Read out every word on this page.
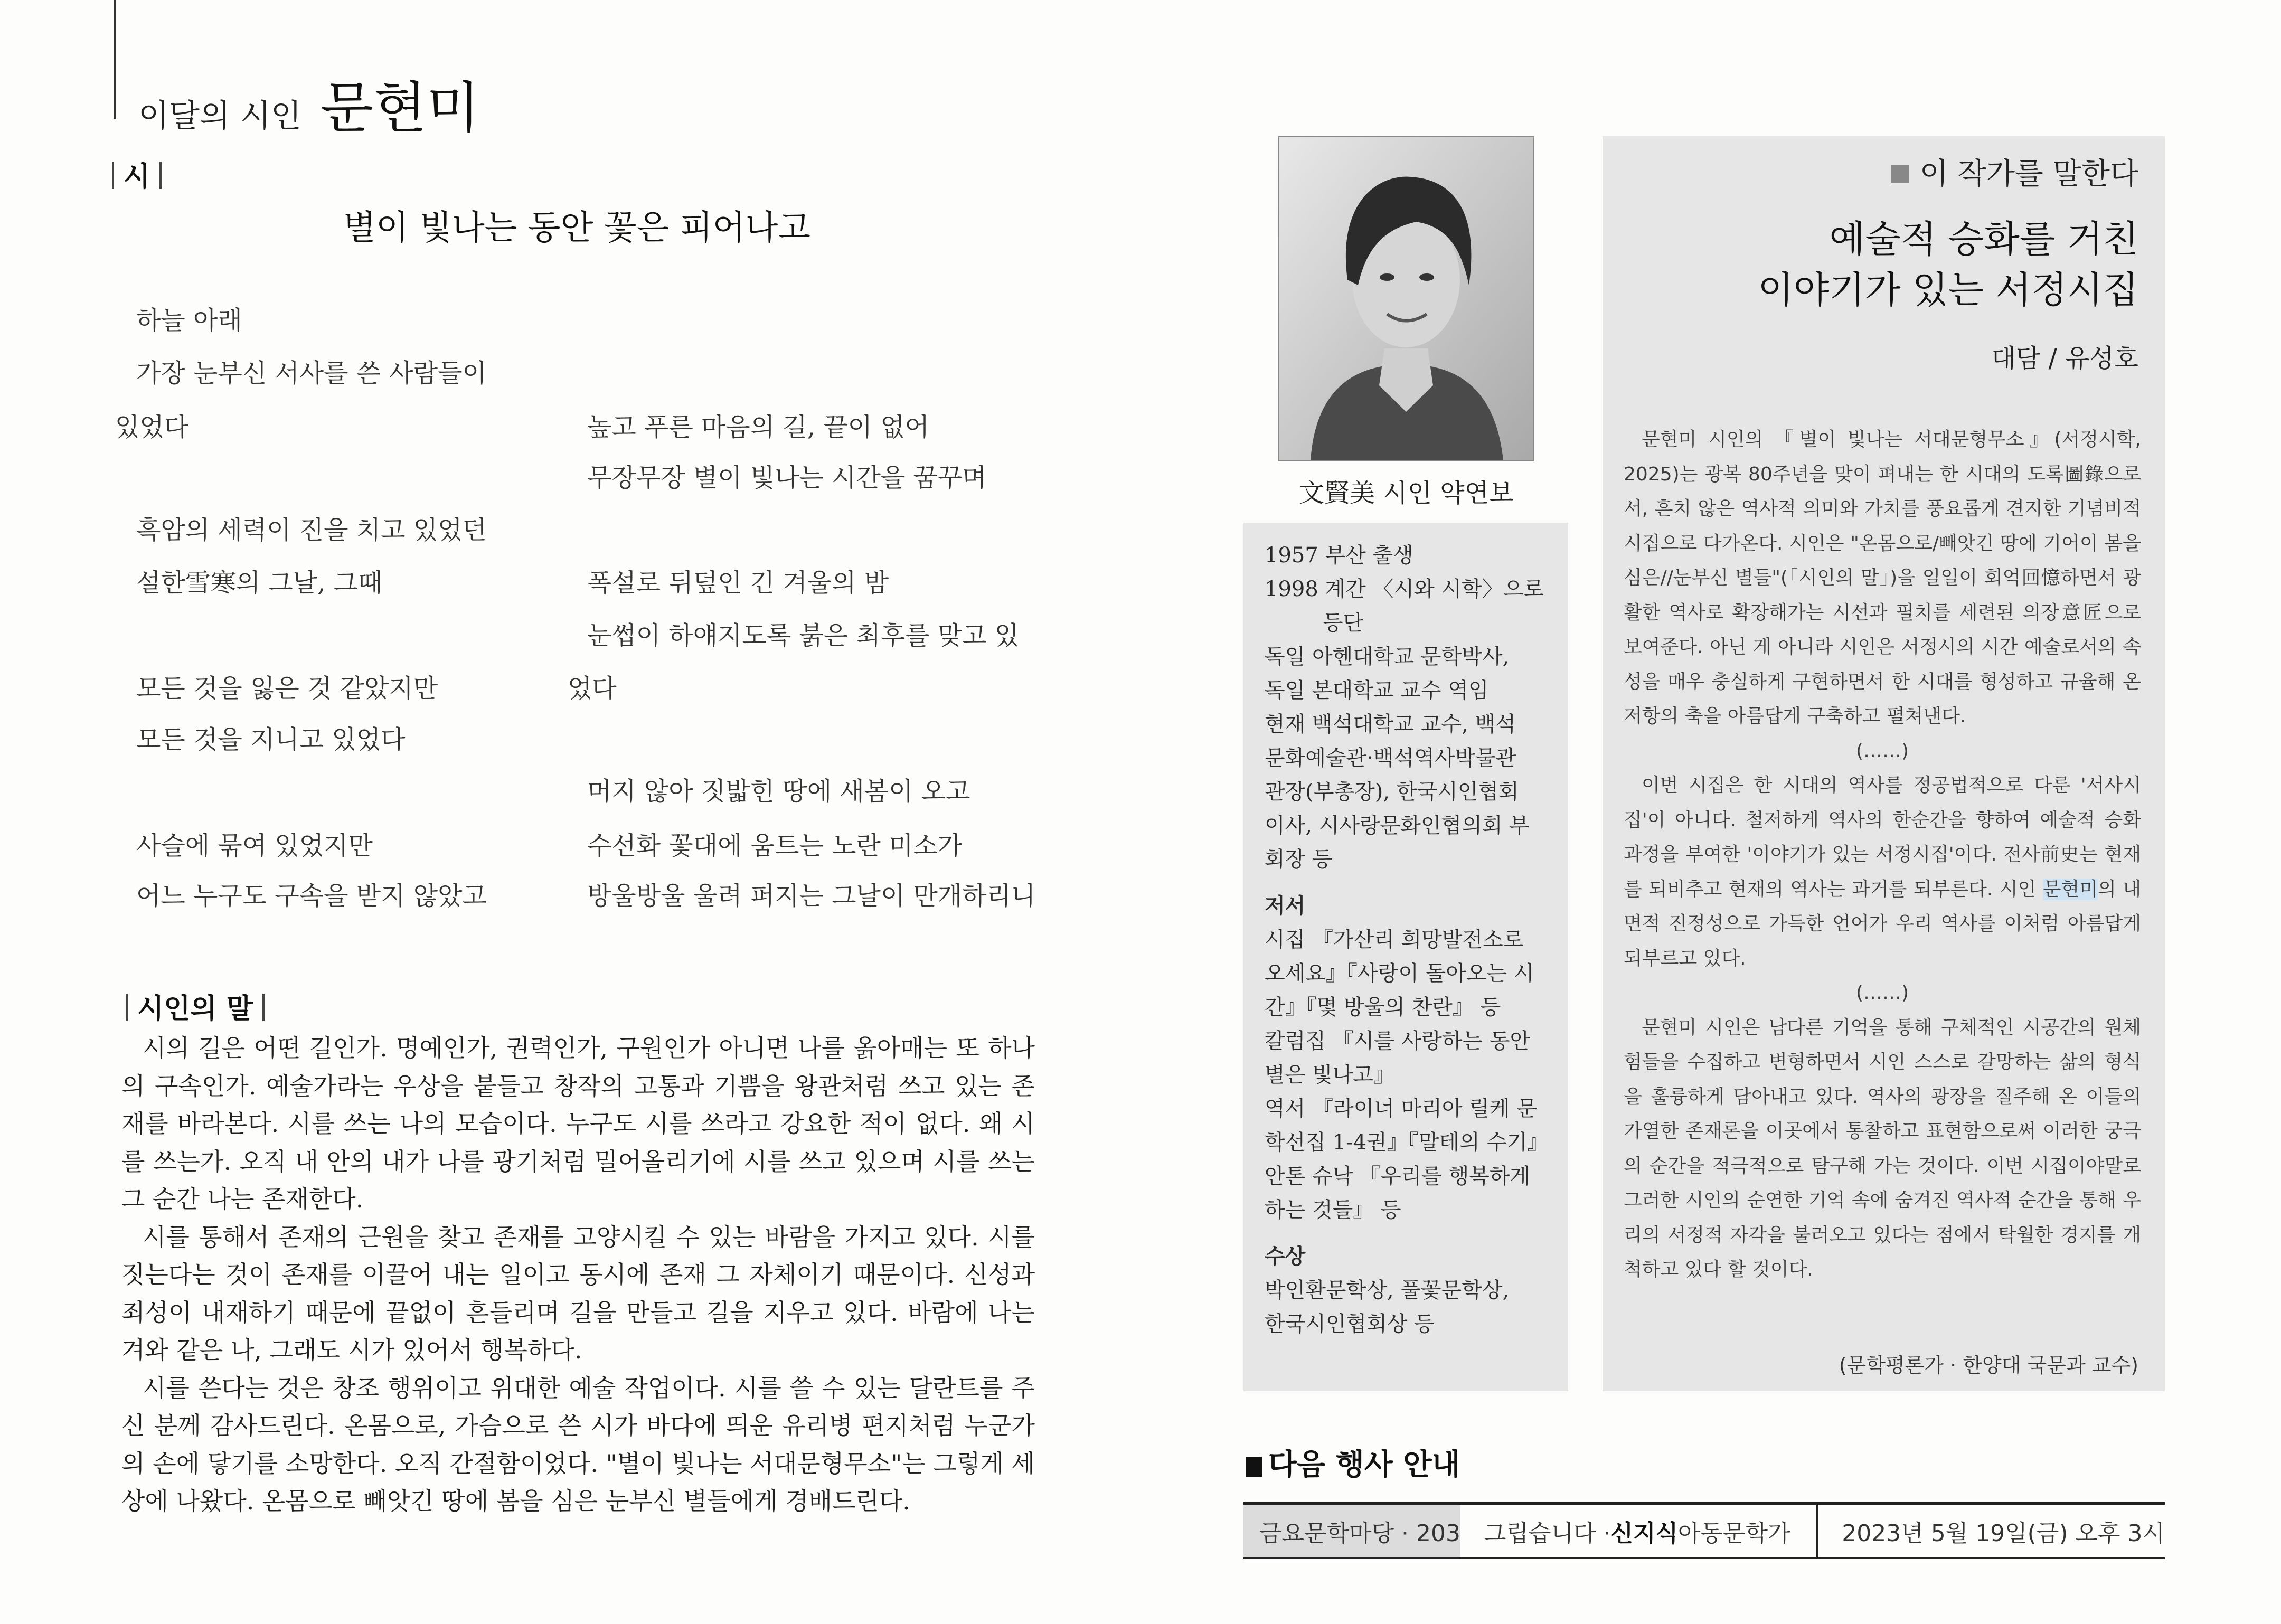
이달의 시인 문현미
시
별이 빛나는 동안 꽃은 피어나고
하늘 아래
가장 눈부신 서사를 쓴 사람들이
있었다
흑암의 세력이 진을 치고 있었던
설한雪寒의 그날, 그때
모든 것을 잃은 것 같았지만
모든 것을 지니고 있었다
사슬에 묶여 있었지만
어느 누구도 구속을 받지 않았고
높고 푸른 마음의 길, 끝이 없어
무장무장 별이 빛나는 시간을 꿈꾸며
폭설로 뒤덮인 긴 겨울의 밤
눈썹이 하얘지도록 붉은 최후를 맞고 있
었다
머지 않아 짓밟힌 땅에 새봄이 오고
수선화 꽃대에 움트는 노란 미소가
방울방울 울려 퍼지는 그날이 만개하리니
시인의 말

시의 길은 어떤 길인가. 명예인가, 권력인가, 구원인가 아니면 나를 옭아매는 또 하나의 구속인가. 예술가라는 우상을 붙들고 창작의 고통과 기쁨을 왕관처럼 쓰고 있는 존재를 바라본다. 시를 쓰는 나의 모습이다. 누구도 시를 쓰라고 강요한 적이 없다. 왜 시를 쓰는가. 오직 내 안의 내가 나를 광기처럼 밀어올리기에 시를 쓰고 있으며 시를 쓰는 그 순간 나는 존재한다.

시를 통해서 존재의 근원을 찾고 존재를 고양시킬 수 있는 바람을 가지고 있다. 시를 짓는다는 것이 존재를 이끌어 내는 일이고 동시에 존재 그 자체이기 때문이다. 신성과 죄성이 내재하기 때문에 끝없이 흔들리며 길을 만들고 길을 지우고 있다. 바람에 나는 겨와 같은 나, 그래도 시가 있어서 행복하다.

시를 쓴다는 것은 창조 행위이고 위대한 예술 작업이다. 시를 쓸 수 있는 달란트를 주신 분께 감사드린다. 온몸으로, 가슴으로 쓴 시가 바다에 띄운 유리병 편지처럼 누군가의 손에 닿기를 소망한다. 오직 간절함이었다. "별이 빛나는 서대문형무소"는 그렇게 세상에 나왔다. 온몸으로 빼앗긴 땅에 봄을 심은 눈부신 별들에게 경배드린다.

文賢美 시인 약연보
1957 부산 출생
1998 계간 〈시와 시학〉으로
등단
독일 아헨대학교 문학박사,
독일 본대학교 교수 역임
현재 백석대학교 교수, 백석
문화예술관·백석역사박물관
관장(부총장), 한국시인협회
이사, 시사랑문화인협의회 부
회장 등
저서
시집 『가산리 희망발전소로
오세요』『사랑이 돌아오는 시
간』『몇 방울의 찬란』 등
칼럼집 『시를 사랑하는 동안
별은 빛나고』
역서 『라이너 마리아 릴케 문
학선집 1-4권』『말테의 수기』
안톤 슈낙 『우리를 행복하게
하는 것들』 등
수상
박인환문학상, 풀꽃문학상,
한국시인협회상 등
이 작가를 말한다
예술적 승화를 거친
이야기가 있는 서정시집
대담 / 유성호

문현미 시인의 『별이 빛나는 서대문형무소』(서정시학, 2025)는 광복 80주년을 맞이 펴내는 한 시대의 도록圖錄으로서, 흔치 않은 역사적 의미와 가치를 풍요롭게 견지한 기념비적 시집으로 다가온다. 시인은 "온몸으로/빼앗긴 땅에 기어이 봄을 심은//눈부신 별들"(「시인의 말」)을 일일이 회억回憶하면서 광활한 역사로 확장해가는 시선과 필치를 세련된 의장意匠으로 보여준다. 아닌 게 아니라 시인은 서정시의 시간 예술로서의 속성을 매우 충실하게 구현하면서 한 시대를 형성하고 규율해 온 저항의 축을 아름답게 구축하고 펼쳐낸다.

(……)

이번 시집은 한 시대의 역사를 정공법적으로 다룬 '서사시집'이 아니다. 철저하게 역사의 한순간을 향하여 예술적 승화 과정을 부여한 '이야기가 있는 서정시집'이다. 전사前史는 현재를 되비추고 현재의 역사는 과거를 되부른다. 시인 문현미의 내면적 진정성으로 가득한 언어가 우리 역사를 이처럼 아름답게 되부르고 있다.

(……)

문현미 시인은 남다른 기억을 통해 구체적인 시공간의 원체험들을 수집하고 변형하면서 시인 스스로 갈망하는 삶의 형식을 훌륭하게 담아내고 있다. 역사의 광장을 질주해 온 이들의 가열한 존재론을 이곳에서 통찰하고 표현함으로써 이러한 궁극의 순간을 적극적으로 탐구해 가는 것이다. 이번 시집이야말로 그러한 시인의 순연한 기억 속에 숨겨진 역사적 순간을 통해 우리의 서정적 자각을 불러오고 있다는 점에서 탁월한 경지를 개척하고 있다 할 것이다.

(문학평론가 · 한양대 국문과 교수)
다음 행사 안내
금요문학마당 · 203 그립습니다 · 신지식 아동문학가	2023년 5월 19일(금) 오후 3시
